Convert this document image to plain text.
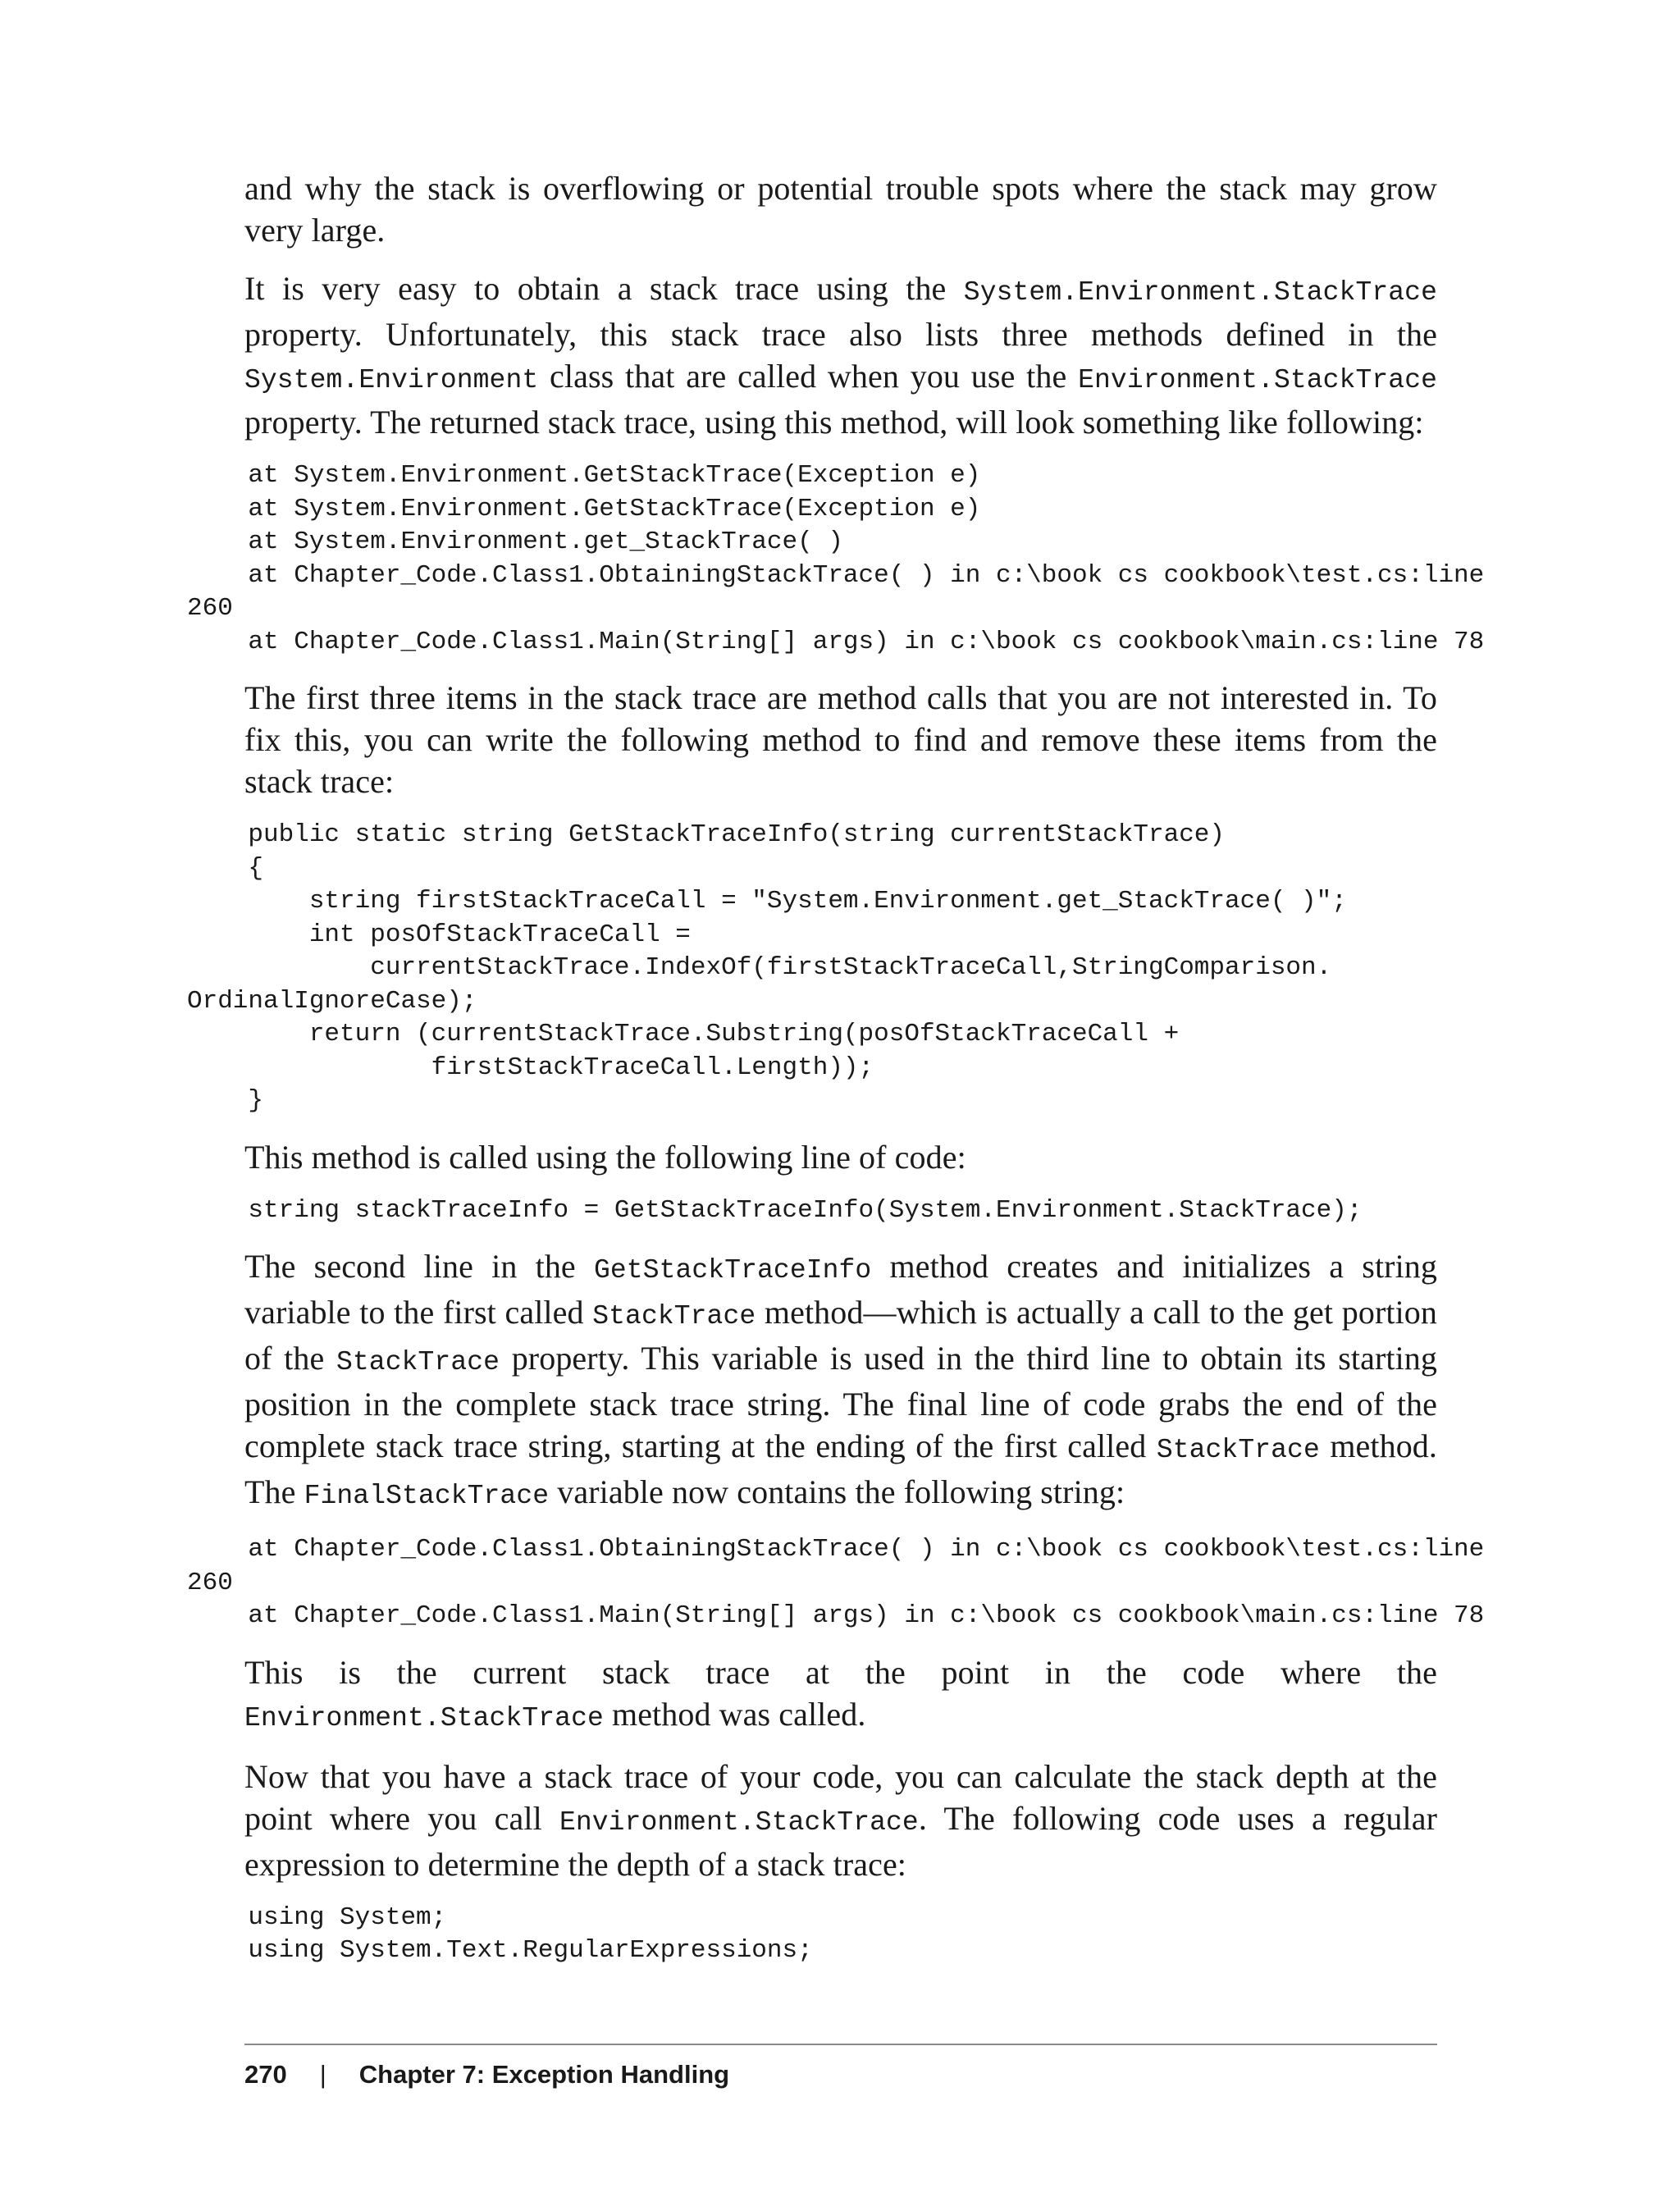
and why the stack is overflowing or potential trouble spots where the stack may grow very large.

It is very easy to obtain a stack trace using the System.Environment.StackTrace property. Unfortunately, this stack trace also lists three methods defined in the System.Environment class that are called when you use the Environment.StackTrace property. The returned stack trace, using this method, will look something like following:

at System.Environment.GetStackTrace(Exception e)
at System.Environment.GetStackTrace(Exception e)
at System.Environment.get_StackTrace( )
at Chapter_Code.Class1.ObtainingStackTrace( ) in c:\book cs cookbook\test.cs:line
260
at Chapter_Code.Class1.Main(String[] args) in c:\book cs cookbook\main.cs:line 78

The first three items in the stack trace are method calls that you are not interested in. To fix this, you can write the following method to find and remove these items from the stack trace:

public static string GetStackTraceInfo(string currentStackTrace)
{
string firstStackTraceCall = "System.Environment.get_StackTrace( )";
int posOfStackTraceCall =
currentStackTrace.IndexOf(firstStackTraceCall,StringComparison.
OrdinalIgnoreCase);
return (currentStackTrace.Substring(posOfStackTraceCall +
firstStackTraceCall.Length));
}

This method is called using the following line of code:

string stackTraceInfo = GetStackTraceInfo(System.Environment.StackTrace);

The second line in the GetStackTraceInfo method creates and initializes a string variable to the first called StackTrace method—which is actually a call to the get portion of the StackTrace property. This variable is used in the third line to obtain its starting position in the complete stack trace string. The final line of code grabs the end of the complete stack trace string, starting at the ending of the first called StackTrace method. The FinalStackTrace variable now contains the following string:

at Chapter_Code.Class1.ObtainingStackTrace( ) in c:\book cs cookbook\test.cs:line
260
at Chapter_Code.Class1.Main(String[] args) in c:\book cs cookbook\main.cs:line 78

This is the current stack trace at the point in the code where the Environment.StackTrace method was called.

Now that you have a stack trace of your code, you can calculate the stack depth at the point where you call Environment.StackTrace. The following code uses a regular expression to determine the depth of a stack trace:

using System;
using System.Text.RegularExpressions;
270 | Chapter 7: Exception Handling
